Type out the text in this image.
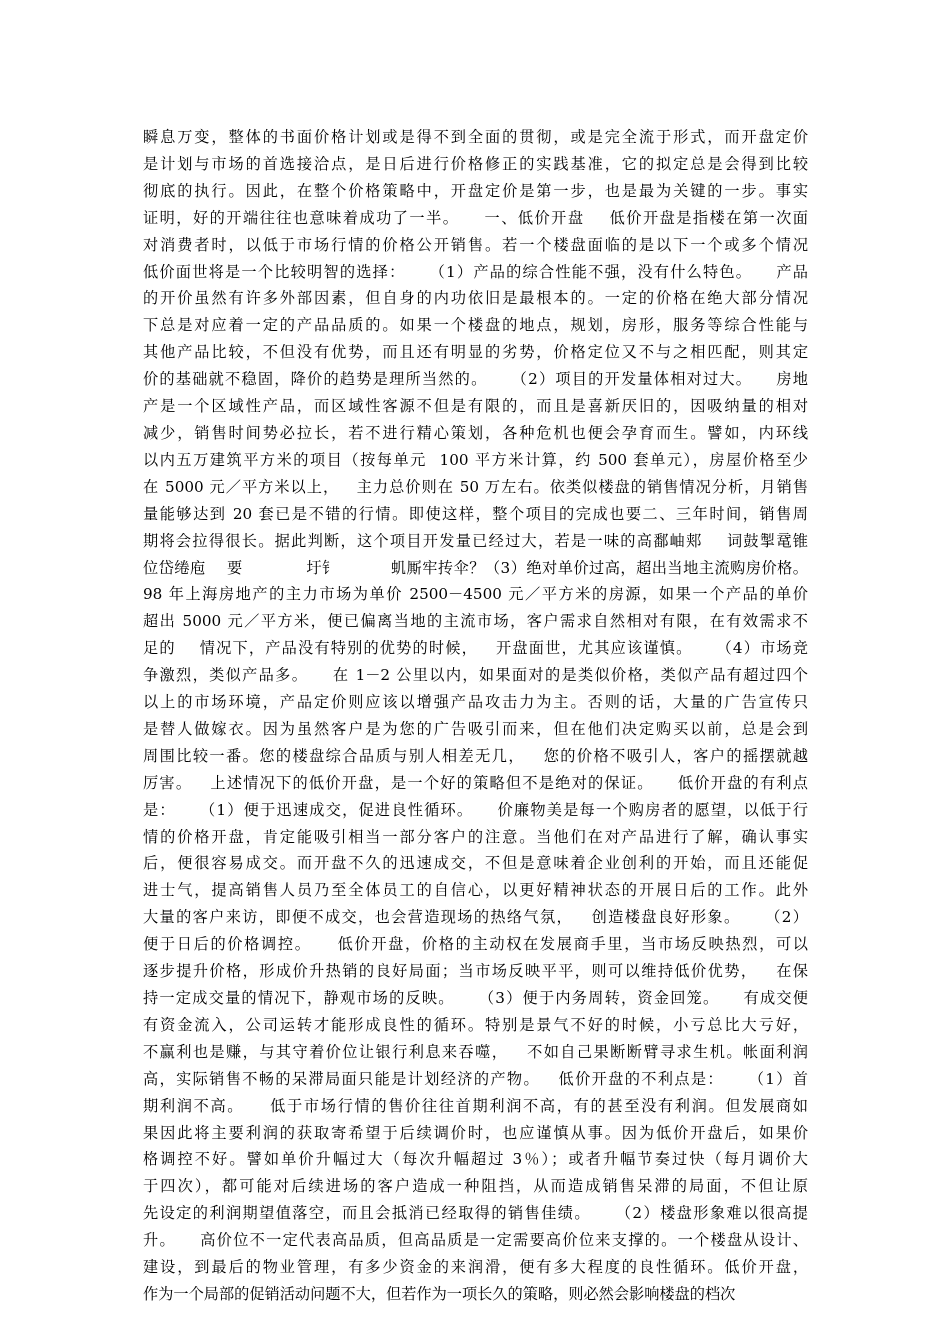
瞬息万变，整体的书面价格计划或是得不到全面的贯彻，或是完全流于形式，而开盘定价
是计划与市场的首选接洽点，是日后进行价格修正的实践基准，它的拟定总是会得到比较
彻底的执行。因此，在整个价格策略中，开盘定价是第一步，也是最为关键的一步。事实
证明，好的开端往往也意味着成功了一半。    一、低价开盘    低价开盘是指楼在第一次面
对消费者时，以低于市场行情的价格公开销售。若一个楼盘面临的是以下一个或多个情况
低价面世将是一个比较明智的选择：    （1）产品的综合性能不强，没有什么特色。    产品
的开价虽然有许多外部因素，但自身的内功依旧是最根本的。一定的价格在绝大部分情况
下总是对应着一定的产品品质的。如果一个楼盘的地点，规划，房形，服务等综合性能与
其他产品比较，不但没有优势，而且还有明显的劣势，价格定位又不与之相匹配，则其定
价的基础就不稳固，降价的趋势是理所当然的。    （2）项目的开发量体相对过大。    房地
产是一个区域性产品，而区域性客源不但是有限的，而且是喜新厌旧的，因吸纳量的相对
减少，销售时间势必拉长，若不进行精心策划，各种危机也便会孕育而生。譬如，内环线
以内五万建筑平方米的项目（按每单元  100 平方米计算，约 500 套单元），房屋价格至少
在 5000 元／平方米以上，   主力总价则在 50 万左右。依类似楼盘的销售情况分析，月销售
量能够达到 20 套已是不错的行情。即使这样，整个项目的完成也要二、三年时间，销售周
期将会拉得很长。据此判断，这个项目开发量已经过大，若是一味的高鄱岫郏    词鼓掣鼋锥
位岱绻庖    要            圩钅          虮厮牢抟伞？（3）绝对单价过高，超出当地主流购房价格。
98 年上海房地产的主力市场为单价 2500－4500 元／平方米的房源，如果一个产品的单价
超出 5000 元／平方米，便已偏离当地的主流市场，客户需求自然相对有限，在有效需求不
足的    情况下，产品没有特别的优势的时候，   开盘面世，尤其应该谨慎。    （4）市场竞
争激烈，类似产品多。    在 1－2 公里以内，如果面对的是类似价格，类似产品有超过四个
以上的市场环境，产品定价则应该以增强产品攻击力为主。否则的话，大量的广告宣传只
是替人做嫁衣。因为虽然客户是为您的广告吸引而来，但在他们决定购买以前，总是会到
周围比较一番。您的楼盘综合品质与别人相差无几，   您的价格不吸引人，客户的摇摆就越
厉害。   上述情况下的低价开盘，是一个好的策略但不是绝对的保证。    低价开盘的有利点
是：    （1）便于迅速成交，促进良性循环。    价廉物美是每一个购房者的愿望，以低于行
情的价格开盘，肯定能吸引相当一部分客户的注意。当他们在对产品进行了解，确认事实
后，便很容易成交。而开盘不久的迅速成交，不但是意味着企业创利的开始，而且还能促
进士气，提高销售人员乃至全体员工的自信心，以更好精神状态的开展日后的工作。此外
大量的客户来访，即便不成交，也会营造现场的热络气氛，   创造楼盘良好形象。    （2）
便于日后的价格调控。    低价开盘，价格的主动权在发展商手里，当市场反映热烈，可以
逐步提升价格，形成价升热销的良好局面；当市场反映平平，则可以维持低价优势，   在保
持一定成交量的情况下，静观市场的反映。    （3）便于内务周转，资金回笼。    有成交便
有资金流入，公司运转才能形成良性的循环。特别是景气不好的时候，小亏总比大亏好，
不赢利也是赚，与其守着价位让银行利息来吞噬，   不如自己果断断臂寻求生机。帐面利润
高，实际销售不畅的呆滞局面只能是计划经济的产物。   低价开盘的不利点是：    （1）首
期利润不高。    低于市场行情的售价往往首期利润不高，有的甚至没有利润。但发展商如
果因此将主要利润的获取寄希望于后续调价时，也应谨慎从事。因为低价开盘后，如果价
格调控不好。譬如单价升幅过大（每次升幅超过 3％）；或者升幅节奏过快（每月调价大
于四次），都可能对后续进场的客户造成一种阻挡，从而造成销售呆滞的局面，不但让原
先设定的利润期望值落空，而且会抵消已经取得的销售佳绩。    （2）楼盘形象难以很高提
升。    高价位不一定代表高品质，但高品质是一定需要高价位来支撑的。一个楼盘从设计、
建设，到最后的物业管理，有多少资金的来润滑，便有多大程度的良性循环。低价开盘，
作为一个局部的促销活动问题不大，但若作为一项长久的策略，则必然会影响楼盘的档次
